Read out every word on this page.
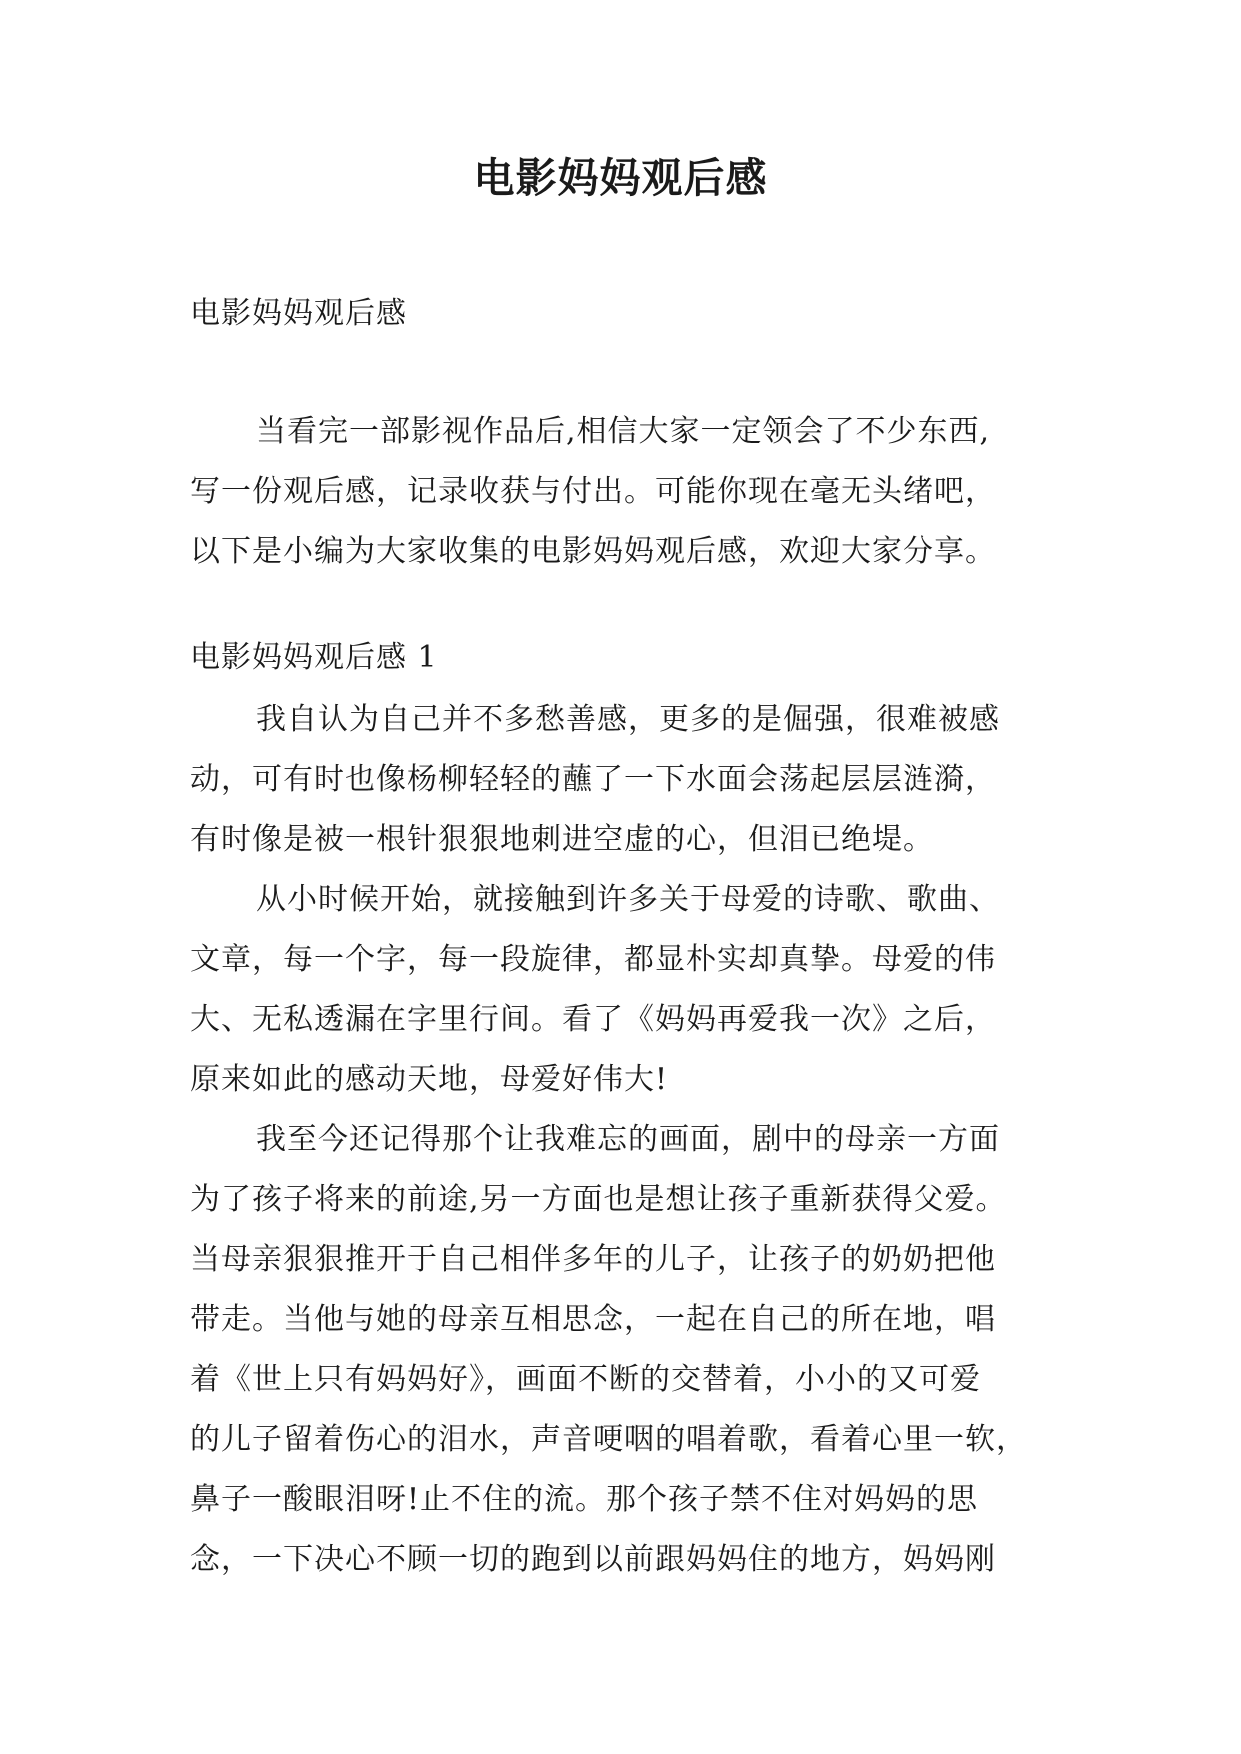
电影妈妈观后感

电影妈妈观后感

当看完一部影视作品后,相信大家一定领会了不少东西,
写一份观后感，记录收获与付出。可能你现在毫无头绪吧，
以下是小编为大家收集的电影妈妈观后感，欢迎大家分享。

电影妈妈观后感 1

我自认为自己并不多愁善感，更多的是倔强，很难被感
动，可有时也像杨柳轻轻的蘸了一下水面会荡起层层涟漪，
有时像是被一根针狠狠地刺进空虚的心，但泪已绝堤。

从小时候开始，就接触到许多关于母爱的诗歌、歌曲、
文章，每一个字，每一段旋律，都显朴实却真挚。母爱的伟
大、无私透漏在字里行间。看了《妈妈再爱我一次》之后，
原来如此的感动天地，母爱好伟大!

我至今还记得那个让我难忘的画面，剧中的母亲一方面
为了孩子将来的前途,另一方面也是想让孩子重新获得父爱。
当母亲狠狠推开于自己相伴多年的儿子，让孩子的奶奶把他
带走。当他与她的母亲互相思念，一起在自己的所在地，唱
着《世上只有妈妈好》，画面不断的交替着，小小的又可爱
的儿子留着伤心的泪水，声音哽咽的唱着歌，看着心里一软，
鼻子一酸眼泪呀!止不住的流。那个孩子禁不住对妈妈的思
念，一下决心不顾一切的跑到以前跟妈妈住的地方，妈妈刚
